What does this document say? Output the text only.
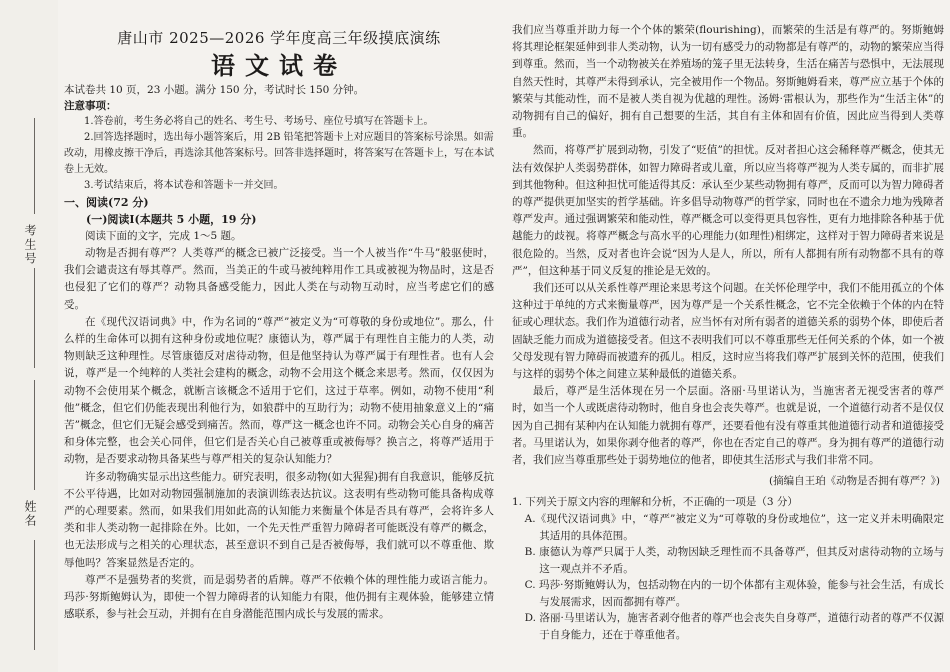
考生号
姓名
唐山市 2025—2026 学年度高三年级摸底演练
语文试卷
本试卷共 10 页，23 小题。满分 150 分，考试时长 150 分钟。
注意事项：

1.答卷前，考生务必将自己的姓名、考生号、考场号、座位号填写在答题卡上。

2.回答选择题时，选出每小题答案后，用 2B 铅笔把答题卡上对应题目的答案标号涂黑。如需改动，用橡皮擦干净后，再选涂其他答案标号。回答非选择题时，将答案写在答题卡上，写在本试卷上无效。

3.考试结束后，将本试卷和答题卡一并交回。

一、阅读(72 分)
(一)阅读Ⅰ(本题共 5 小题，19 分)
阅读下面的文字，完成 1～5 题。

动物是否拥有尊严？人类尊严的概念已被广泛接受。当一个人被当作“牛马”般驱使时，我们会谴责这有辱其尊严。然而，当美正的牛或马被纯粹用作工具或被视为物品时，这是否也侵犯了它们的尊严？动物具备感受能力，因此人类在与动物互动时，应当考虑它们的感受。

在《现代汉语词典》中，作为名词的“尊严”被定义为“可尊敬的身份或地位”。那么，什么样的生命体可以拥有这种身份或地位呢？康德认为，尊严属于有理性自主能力的人类，动物则缺乏这种理性。尽管康德反对虐待动物，但是他坚持认为尊严属于有理性者。也有人会说，尊严是一个纯粹的人类社会建构的概念，动物不会用这个概念来思考。然而，仅仅因为动物不会使用某个概念，就断言该概念不适用于它们，这过于草率。例如，动物不使用“利他”概念，但它们仍能表现出利他行为，如狼群中的互助行为；动物不使用抽象意义上的“痛苦”概念，但它们无疑会感受到痛苦。然而，尊严这一概念也许不同。动物会关心自身的痛苦和身体完整，也会关心同伴，但它们是否关心自己被尊重或被侮辱？换言之，将尊严适用于动物，是否要求动物具备某些与尊严相关的复杂认知能力？

许多动物确实显示出这些能力。研究表明，很多动物(如大猩猩)拥有自我意识，能够反抗不公平待遇，比如对动物园强制施加的表演训练表达抗议。这表明有些动物可能具备构成尊严的心理要素。然而，如果我们用如此高的认知能力来衡量个体是否具有尊严，会将许多人类和非人类动物一起排除在外。比如，一个先天性严重智力障碍者可能既没有尊严的概念，也无法形成与之相关的心理状态，甚至意识不到自己是否被侮辱，我们就可以不尊重他、欺辱他吗？答案显然是否定的。

尊严不是强势者的奖赏，而是弱势者的盾牌。尊严不依赖个体的理性能力或语言能力。玛莎·努斯鲍姆认为，即使一个智力障碍者的认知能力有限，他仍拥有主观体验，能够建立情感联系，参与社会互动，并拥有在自身潜能范围内成长与发展的需求。

我们应当尊重并助力每一个个体的繁荣(flourishing)，而繁荣的生活是有尊严的。努斯鲍姆将其理论框架延伸到非人类动物，认为一切有感受力的动物都是有尊严的，动物的繁荣应当得到尊重。然而，当一个动物被关在养殖场的笼子里无法转身，生活在痛苦与恐惧中，无法展现自然天性时，其尊严未得到承认，完全被用作一个物品。努斯鲍姆看来，尊严应立基于个体的繁荣与其能动性，而不是被人类自视为优越的理性。汤姆·雷根认为，那些作为“生活主体”的动物拥有自己的偏好，拥有自己想要的生活，其自有主体和固有价值，因此应当得到人类尊重。

然而，将尊严扩展到动物，引发了“贬值”的担忧。反对者担心这会稀释尊严概念，使其无法有效保护人类弱势群体，如智力障碍者或儿童，所以应当将尊严视为人类专属的，而非扩展到其他物种。但这种担忧可能适得其反：承认至少某些动物拥有尊严，反而可以为智力障碍者的尊严提供更加坚实的哲学基础。许多倡导动物尊严的哲学家，同时也在不遗余力地为残障者尊严发声。通过强调繁荣和能动性，尊严概念可以变得更具包容性，更有力地排除各种基于优越能力的歧视。将尊严概念与高水平的心理能力(如理性)相绑定，这样对于智力障碍者来说是很危险的。当然，反对者也许会说“因为人是人，所以，所有人都拥有所有动物都不具有的尊严”，但这种基于同义反复的推论是无效的。

我们还可以从关系性尊严理论来思考这个问题。在关怀伦理学中，我们不能用孤立的个体这种过于单纯的方式来衡量尊严，因为尊严是一个关系性概念，它不完全依赖于个体的内在特征或心理状态。我们作为道德行动者，应当怀有对所有弱者的道德关系的弱势个体，即使后者固缺乏能力而成为道德接受者。但这不表明我们可以不尊重那些无任何关系的个体，如一个被父母发现有智力障碍而被遗弃的孤儿。相反，这时应当将我们尊严扩展到关怀的范围，使我们与这样的弱势个体之间建立某种最低的道德关系。

最后，尊严是生活体现在另一个层面。洛丽·马里诺认为，当施害者无视受害者的尊严时，如当一个人或既虐待动物时，他自身也会丧失尊严。也就是说，一个道德行动者不是仅仅因为自己拥有某种内在认知能力就拥有尊严，还要看他有没有尊重其他道德行动者和道德接受者。马里诺认为，如果你剥夺他者的尊严，你也在否定自己的尊严。身为拥有尊严的道德行动者，我们应当尊重那些处于弱势地位的他者，即使其生活形式与我们非常不同。

(摘编自王珀《动物是否拥有尊严？》)
1. 下列关于原文内容的理解和分析，不正确的一项是（3 分）
A.《现代汉语词典》中，“尊严”被定义为“可尊敬的身份或地位”，这一定义并未明确限定其适用的具体范围。
B. 康德认为尊严只属于人类，动物因缺乏理性而不具备尊严，但其反对虐待动物的立场与这一观点并不矛盾。
C. 玛莎·努斯鲍姆认为，包括动物在内的一切个体都有主观体验，能参与社会生活，有成长与发展需求，因而都拥有尊严。
D. 洛丽·马里诺认为，施害者剥夺他者的尊严也会丧失自身尊严，道德行动者的尊严不仅源于自身能力，还在于尊重他者。
